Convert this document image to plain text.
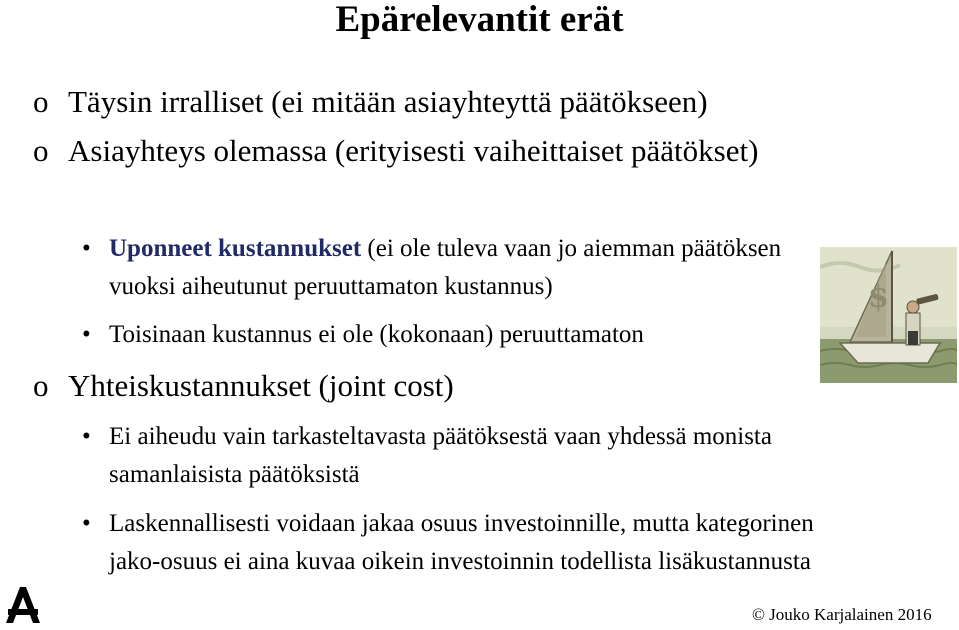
Epärelevantit erät
o Täysin irralliset (ei mitään asiayhteyttä päätökseen)
o Asiayhteys olemassa (erityisesti vaiheittaiset päätökset)
• Uponneet kustannukset (ei ole tuleva vaan jo aiemman päätöksen vuoksi aiheutunut peruuttamaton kustannus)
• Toisinaan kustannus ei ole (kokonaan) peruuttamaton
o Yhteiskustannukset (joint cost)
• Ei aiheudu vain tarkasteltavasta päätöksestä vaan yhdessä monista samanlaisista päätöksistä
• Laskennallisesti voidaan jakaa osuus investoinnille, mutta kategorinen jako-osuus ei aina kuvaa oikein investoinnin todellista lisäkustannusta
$
© Jouko Karjalainen 2016
